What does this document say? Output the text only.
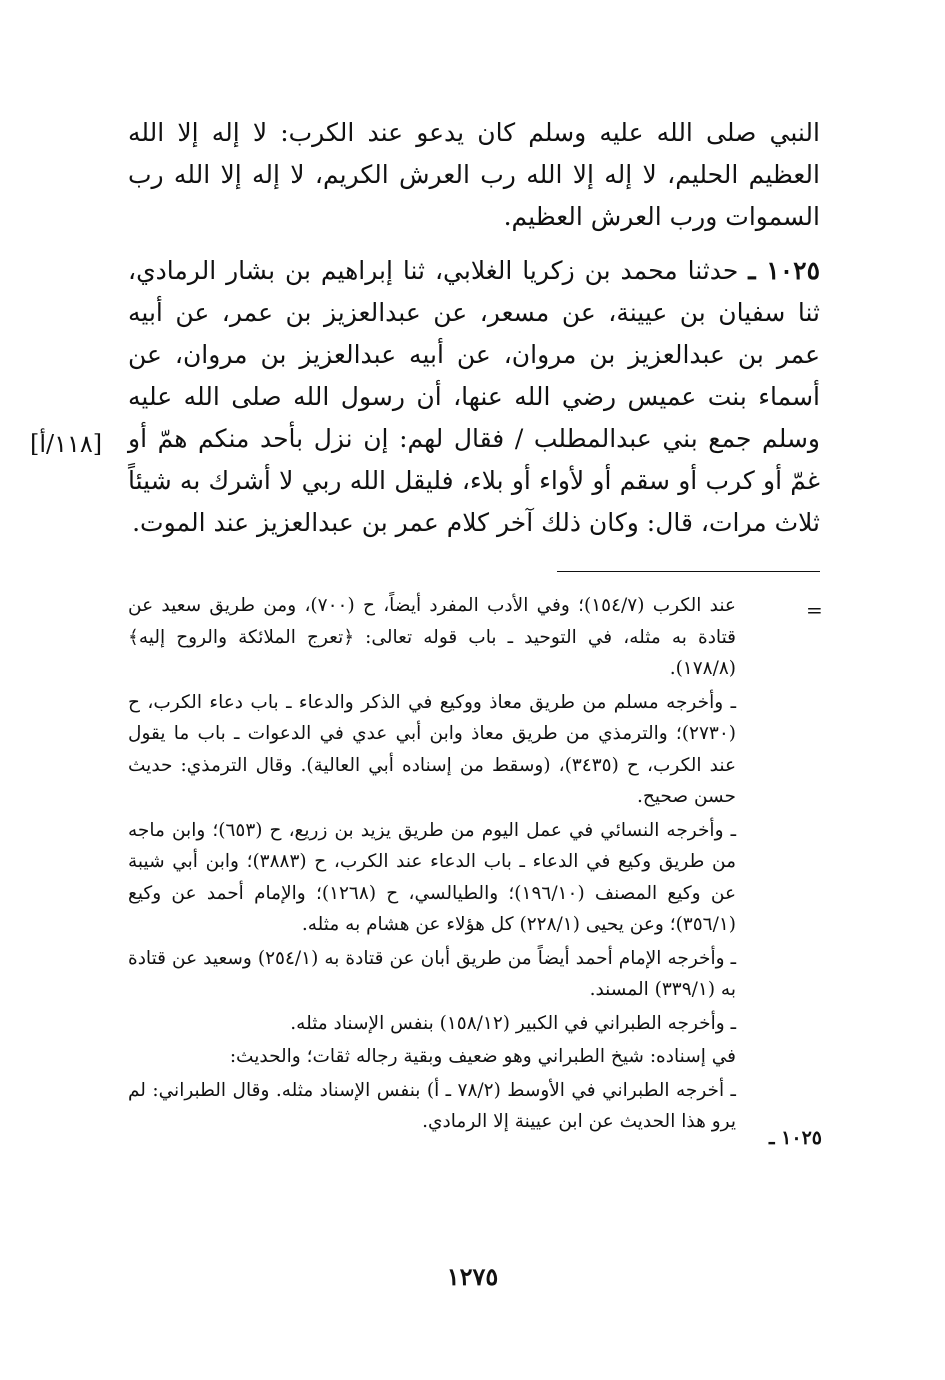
النبي صلى الله عليه وسلم كان يدعو عند الكرب: لا إله إلا الله العظيم الحليم، لا إله إلا الله رب العرش الكريم، لا إله إلا الله رب السموات ورب العرش العظيم.

١٠٢٥ ـ حدثنا محمد بن زكريا الغلابي، ثنا إبراهيم بن بشار الرمادي، ثنا سفيان بن عيينة، عن مسعر، عن عبدالعزيز بن عمر، عن أبيه عمر بن عبدالعزيز بن مروان، عن أبيه عبدالعزيز بن مروان، عن أسماء بنت عميس رضي الله عنها، أن رسول الله صلى الله عليه وسلم جمع بني عبدالمطلب / فقال لهم: إن نزل بأحد منكم همّ أو غمّ أو كرب أو سقم أو لأواء أو بلاء، فليقل الله ربي لا أشرك به شيئاً ثلاث مرات، قال: وكان ذلك آخر كلام عمر بن عبدالعزيز عند الموت.

[١١٨/أ]
=

عند الكرب (١٥٤/٧)؛ وفي الأدب المفرد أيضاً، ح (٧٠٠)، ومن طريق سعيد عن قتادة به مثله، في التوحيد ـ باب قوله تعالى: ﴿تعرج الملائكة والروح إليه﴾ (١٧٨/٨).

ـ وأخرجه مسلم من طريق معاذ ووكيع في الذكر والدعاء ـ باب دعاء الكرب، ح (٢٧٣٠)؛ والترمذي من طريق معاذ وابن أبي عدي في الدعوات ـ باب ما يقول عند الكرب، ح (٣٤٣٥)، (وسقط من إسناده أبي العالية). وقال الترمذي: حديث حسن صحيح.

ـ وأخرجه النسائي في عمل اليوم من طريق يزيد بن زريع، ح (٦٥٣)؛ وابن ماجه من طريق وكيع في الدعاء ـ باب الدعاء عند الكرب، ح (٣٨٨٣)؛ وابن أبي شيبة عن وكيع المصنف (١٩٦/١٠)؛ والطيالسي، ح (١٢٦٨)؛ والإمام أحمد عن وكيع (٣٥٦/١)؛ وعن يحيى (٢٢٨/١) كل هؤلاء عن هشام به مثله.

ـ وأخرجه الإمام أحمد أيضاً من طريق أبان عن قتادة به (٢٥٤/١) وسعيد عن قتادة به (٣٣٩/١) المسند.

ـ وأخرجه الطبراني في الكبير (١٥٨/١٢) بنفس الإسناد مثله.

في إسناده: شيخ الطبراني وهو ضعيف وبقية رجاله ثقات؛ والحديث:

ـ أخرجه الطبراني في الأوسط (٧٨/٢ ـ أ) بنفس الإسناد مثله. وقال الطبراني: لم يرو هذا الحديث عن ابن عيينة إلا الرمادي.

١٠٢٥ ـ
١٢٧٥
